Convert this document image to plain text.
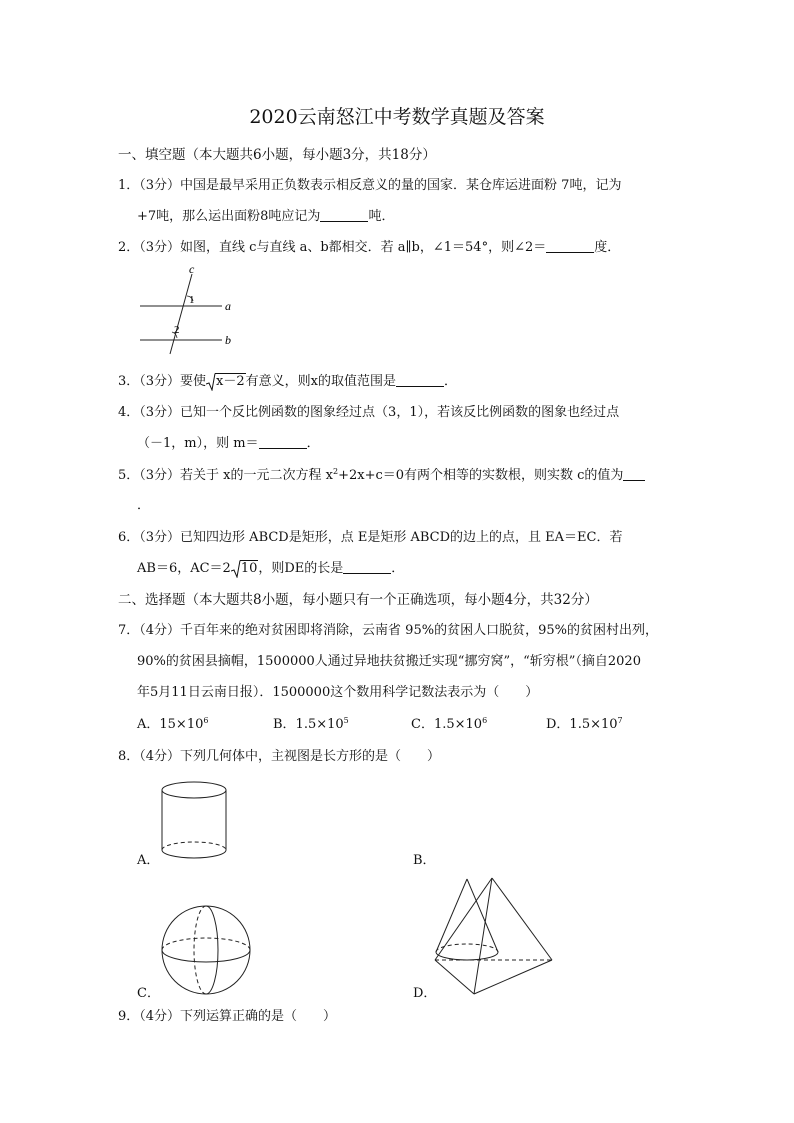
2020云南怒江中考数学真题及答案
一、填空题（本大题共6小题，每小题3分，共18分）
1．（3分）中国是最早采用正负数表示相反意义的量的国家．某仓库运进面粉 7吨，记为
+7吨，那么运出面粉8吨应记为	吨．
2．（3分）如图，直线 c与直线 a、b都相交．若 a∥b，∠1＝54°，则∠2＝	度．
c
a
b
1
2
3．（3分）要使 x－2有意义，则x的取值范围是	．
4．（3分）已知一个反比例函数的图象经过点（3，1），若该反比例函数的图象也经过点
（－1，m），则 m＝	．
5．（3分）若关于 x的一元二次方程 $x^2+2x+c=0$有两个相等的实数根，则实数 c的值为
．
6．（3分）已知四边形 ABCD是矩形，点 E是矩形 ABCD的边上的点，且 EA＝EC．若
AB＝6，AC＝2 10，则DE的长是	．
二、选择题（本大题共8小题，每小题只有一个正确选项，每小题4分，共32分）
7．（4分）千百年来的绝对贫困即将消除，云南省 95%的贫困人口脱贫，95%的贫困村出列，
90%的贫困县摘帽，1500000人通过异地扶贫搬迁实现“挪穷窝”，“斩穷根”（摘自2020
年5月11日云南日报）．1500000这个数用科学记数法表示为（　　）
A．$15\times 10^6$	B．$1.5\times 10^5$	C．$1.5\times 10^6$	D．$1.5\times 10^7$
8．（4分）下列几何体中，主视图是长方形的是（　　）
A．	B．
C．	D．
9．（4分）下列运算正确的是（　　）
